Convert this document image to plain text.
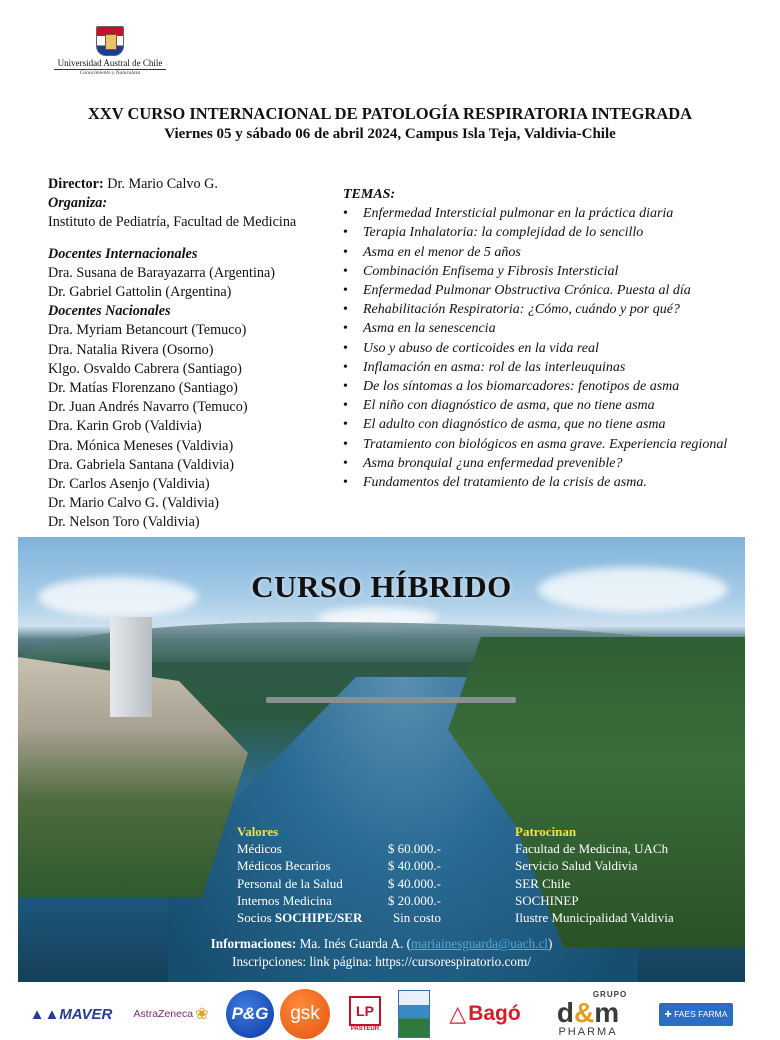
Universidad Austral de Chile
Conocimiento y Naturaleza
XXV CURSO INTERNACIONAL DE PATOLOGÍA RESPIRATORIA INTEGRADA
Viernes 05 y sábado 06 de abril 2024, Campus Isla Teja, Valdivia-Chile
Director: Dr. Mario Calvo G.
Organiza:
Instituto de Pediatría, Facultad de Medicina
Docentes Internacionales
Dra. Susana de Barayazarra (Argentina)
Dr. Gabriel Gattolin (Argentina)
Docentes Nacionales
Dra. Myriam Betancourt (Temuco)
Dra. Natalia Rivera (Osorno)
Klgo. Osvaldo Cabrera (Santiago)
Dr. Matías Florenzano (Santiago)
Dr. Juan Andrés Navarro (Temuco)
Dra. Karin Grob (Valdivia)
Dra. Mónica Meneses (Valdivia)
Dra. Gabriela Santana (Valdivia)
Dr. Carlos Asenjo (Valdivia)
Dr. Mario Calvo G. (Valdivia)
Dr. Nelson Toro (Valdivia)
TEMAS:
• Enfermedad Intersticial pulmonar en la práctica diaria
• Terapia Inhalatoria: la complejidad de lo sencillo
• Asma en el menor de 5 años
• Combinación Enfisema y Fibrosis Intersticial
• Enfermedad Pulmonar Obstructiva Crónica. Puesta al día
• Rehabilitación Respiratoria: ¿Cómo, cuándo y por qué?
• Asma en la senescencia
• Uso y abuso de corticoides en la vida real
• Inflamación en asma: rol de las interleuquinas
• De los síntomas a los biomarcadores: fenotipos de asma
• El niño con diagnóstico de asma, que no tiene asma
• El adulto con diagnóstico de asma, que no tiene asma
• Tratamiento con biológicos en asma grave. Experiencia regional
• Asma bronquial ¿una enfermedad prevenible?
• Fundamentos del tratamiento de la crisis de asma.
CURSO HÍBRIDO
Valores
Médicos	$ 60.000.-
Médicos Becarios	$ 40.000.-
Personal de la Salud	$ 40.000.-
Internos Medicina	$ 20.000.-
Socios SOCHIPE/SER	Sin costo
Patrocinan
Facultad de Medicina, UACh
Servicio Salud Valdivia
SER Chile
SOCHINEP
Ilustre Municipalidad Valdivia
Informaciones: Ma. Inés Guarda A. (mariainesguarda@uach.cl)
Inscripciones: link página: https://cursorespiratorio.com/
▲▲ MAVER AstraZeneca ❀	P&G	gsk	LP
PASTEUR
△ Bagó
GRUPO
d&m
PHARMA
✚ FAES FARMA
